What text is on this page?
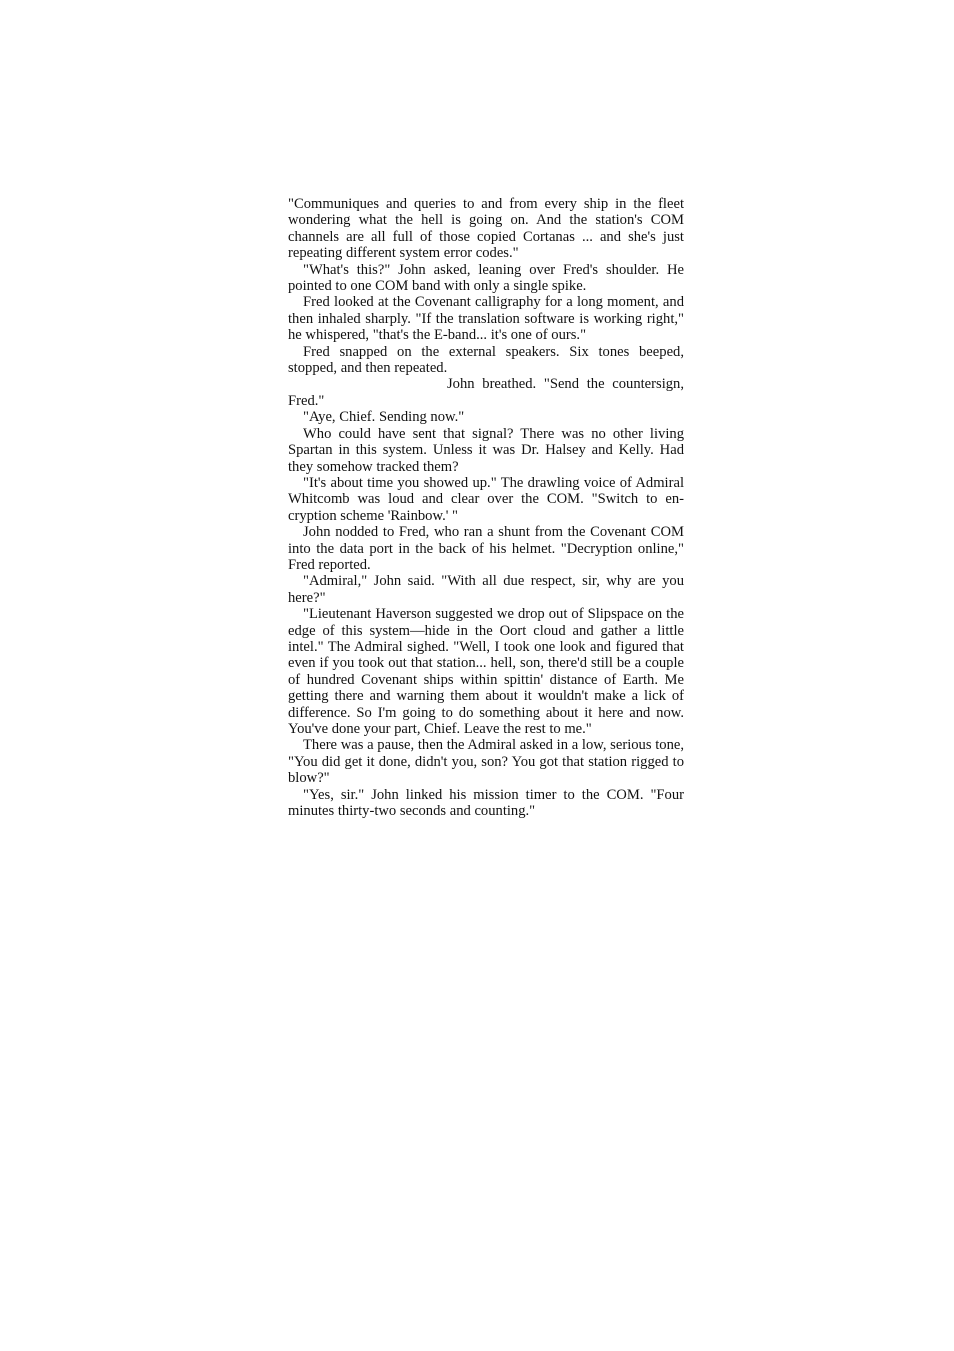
"Communiques and queries to and from every ship in the fleet wondering what the hell is going on. And the station's COM channels are all full of those copied Cortanas ... and she's just repeating different system error codes."

"What's this?" John asked, leaning over Fred's shoulder. He pointed to one COM band with only a single spike.

Fred looked at the Covenant calligraphy for a long moment, and then inhaled sharply. "If the translation software is working right," he whispered, "that's the E-band... it's one of ours."

Fred snapped on the external speakers. Six tones beeped, stopped, and then repeated.

John breathed. "Send the countersign, Fred."

"Aye, Chief. Sending now."

Who could have sent that signal? There was no other living Spartan in this system. Unless it was Dr. Halsey and Kelly. Had they somehow tracked them?

"It's about time you showed up." The drawling voice of Admiral Whitcomb was loud and clear over the COM. "Switch to encryption scheme 'Rainbow.' "

John nodded to Fred, who ran a shunt from the Covenant COM into the data port in the back of his helmet. "Decryption online," Fred reported.

"Admiral," John said. "With all due respect, sir, why are you here?"

"Lieutenant Haverson suggested we drop out of Slipspace on the edge of this system—hide in the Oort cloud and gather a little intel." The Admiral sighed. "Well, I took one look and figured that even if you took out that station... hell, son, there'd still be a couple of hundred Covenant ships within spittin' distance of Earth. Me getting there and warning them about it wouldn't make a lick of difference. So I'm going to do something about it here and now. You've done your part, Chief. Leave the rest to me."

There was a pause, then the Admiral asked in a low, serious tone, "You did get it done, didn't you, son? You got that station rigged to blow?"

"Yes, sir." John linked his mission timer to the COM. "Four minutes thirty-two seconds and counting."
